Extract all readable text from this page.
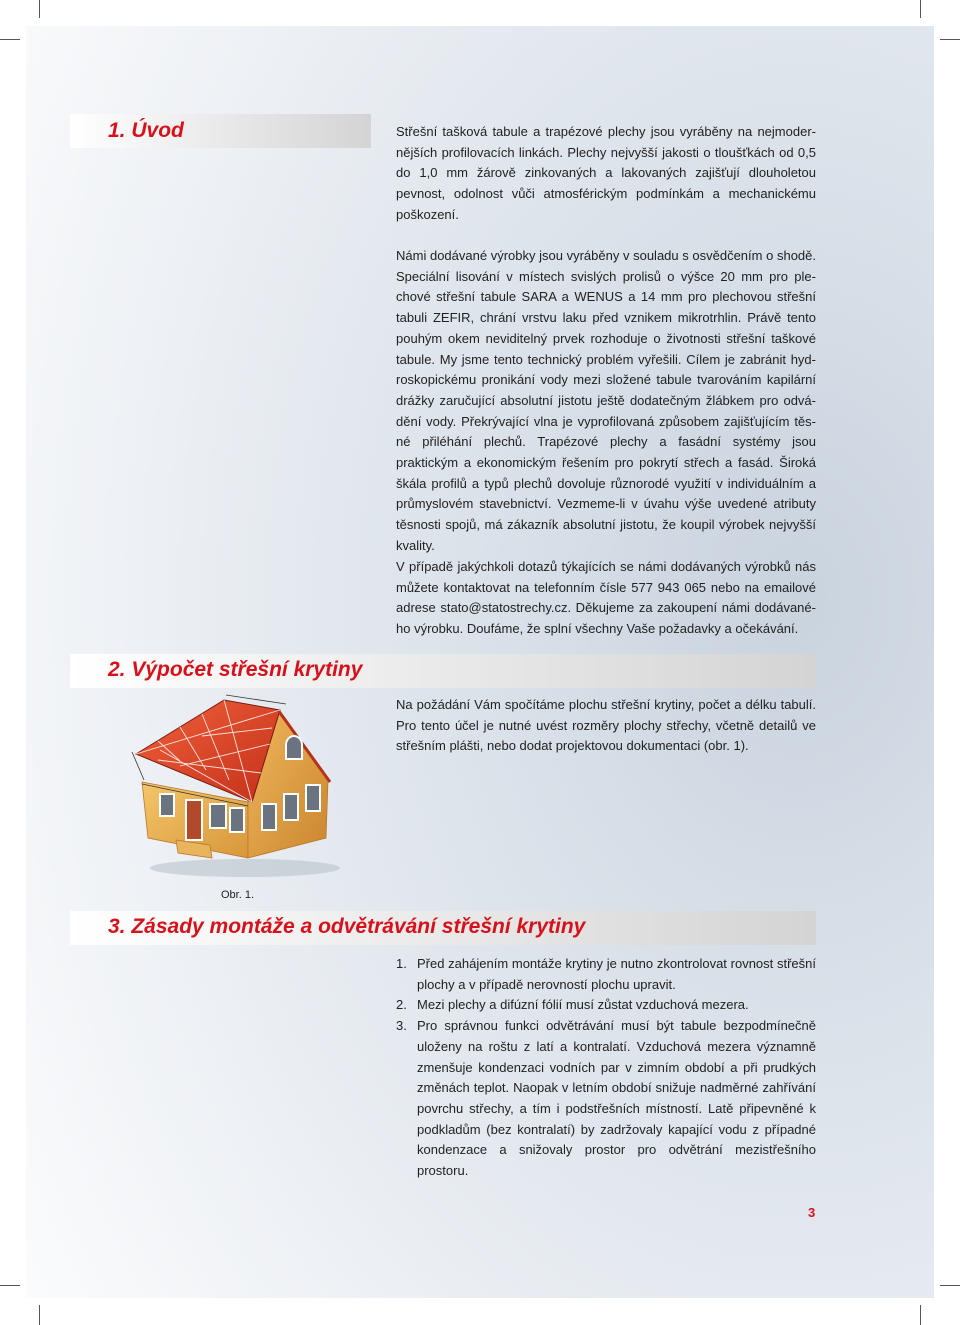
1. Úvod	Střešní tašková tabule a trapézové plechy jsou vyráběny na nejmodernějších profilovacích linkách. Plechy nejvyšší jakosti o tloušťkách od 0,5 do 1,0 mm žárově zinkovaných a lakovaných zajišťují dlouholetou pevnost, odolnost vůči atmosférickým podmínkám a mechanickému poškození.

Námi dodávané výrobky jsou vyráběny v souladu s osvědčením o shodě. Speciální lisování v místech svislých prolisů o výšce 20 mm pro plechové střešní tabule SARA a WENUS a 14 mm pro plechovou střešní tabuli ZEFIR, chrání vrstvu laku před vznikem mikrotrhlin. Právě tento pouhým okem neviditelný prvek rozhoduje o životnosti střešní taškové tabule. My jsme tento technický problém vyřešili. Cílem je zabránit hydroskopickému pronikání vody mezi složené tabule tvarováním kapilární drážky zaručující absolutní jistotu ještě dodatečným žlábkem pro odvádění vody. Překrývající vlna je vyprofilovaná způsobem zajišťujícím těsné přiléhání plechů. Trapézové plechy a fasádní systémy jsou praktickým a ekonomickým řešením pro pokrytí střech a fasád. Široká škála profilů a typů plechů dovoluje různorodé využití v individuálním a průmyslovém stavebnictví. Vezmeme-li v úvahu výše uvedené atributy těsnosti spojů, má zákazník absolutní jistotu, že koupil výrobek nejvyšší kvality.

V případě jakýchkoli dotazů týkajících se námi dodávaných výrobků nás můžete kontaktovat na telefonním čísle 577 943 065 nebo na emailové adrese stato@statostrechy.cz. Děkujeme za zakoupení námi dodávaného výrobku. Doufáme, že splní všechny Vaše požadavky a očekávání.

2. Výpočet střešní krytiny

Na požádání Vám spočítáme plochu střešní krytiny, počet a délku tabulí. Pro tento účel je nutné uvést rozměry plochy střechy, včetně detailů ve střešním plášti, nebo dodat projektovou dokumentaci (obr. 1).

Obr. 1.
3. Zásady montáže a odvětrávání střešní krytiny
1. Před zahájením montáže krytiny je nutno zkontrolovat rovnost střešní plochy a v případě nerovností plochu upravit.
2. Mezi plechy a difúzní fólií musí zůstat vzduchová mezera.
3. Pro správnou funkci odvětrávání musí být tabule bezpodmínečně uloženy na roštu z latí a kontralatí. Vzduchová mezera významně zmenšuje kondenzaci vodních par v zimním období a při prudkých změnách teplot. Naopak v letním období snižuje nadměrné zahřívání povrchu střechy, a tím i podstřešních místností. Latě připevněné k podkladům (bez kontralatí) by zadržovaly kapající vodu z případné kondenzace a snižovaly prostor pro odvětrání mezistřešního prostoru.
3
